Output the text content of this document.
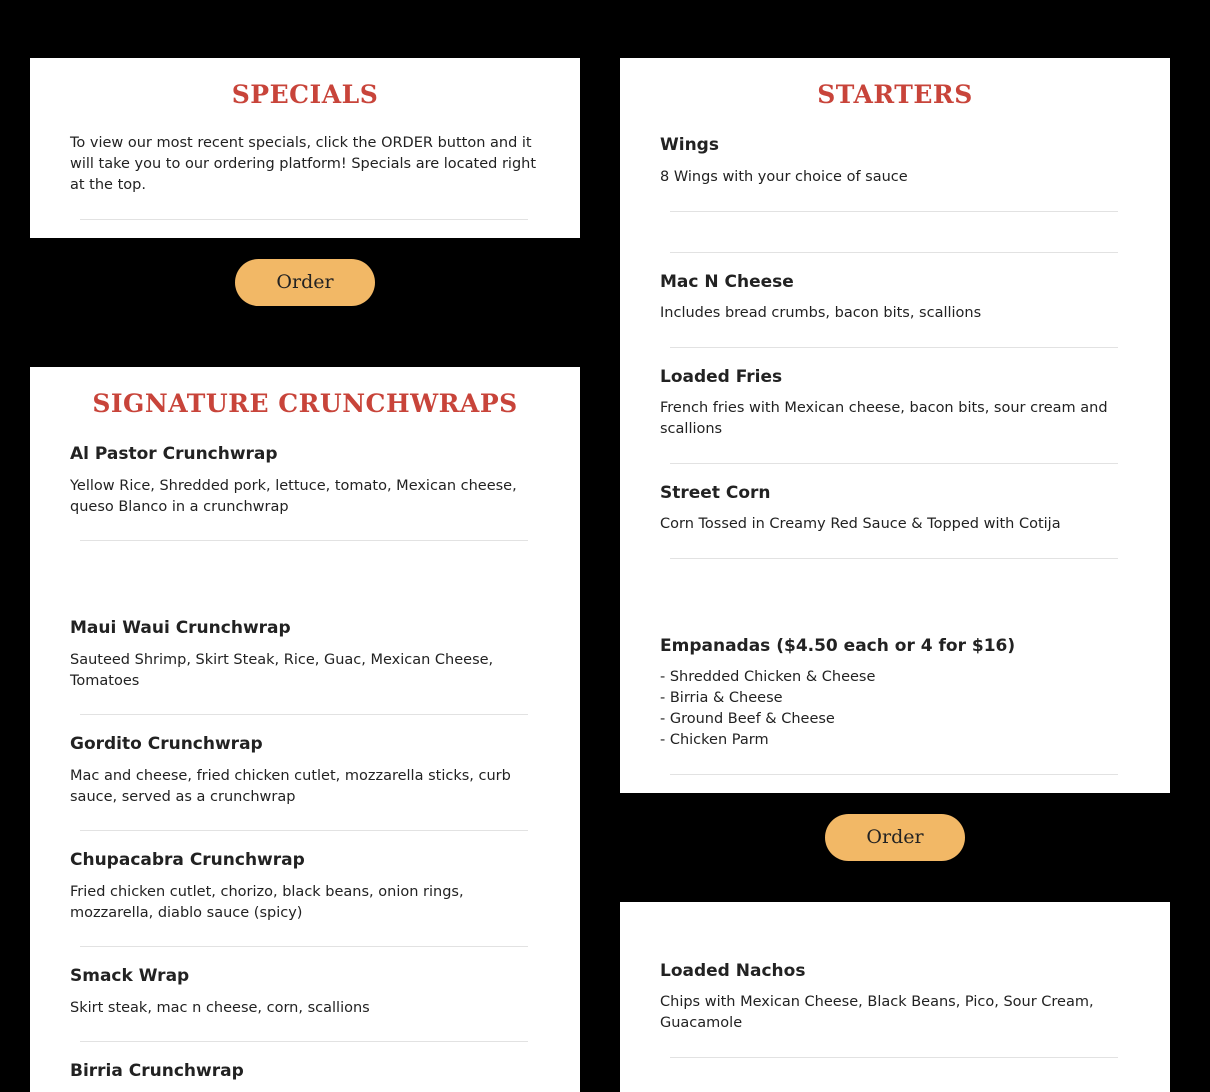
SPECIALS

To view our most recent specials, click the ORDER button and it will take you to our ordering platform! Specials are located right at the top.

Order
SIGNATURE CRUNCHWRAPS
Al Pastor Crunchwrap

Yellow Rice, Shredded pork, lettuce, tomato, Mexican cheese, queso Blanco in a crunchwrap

Maui Waui Crunchwrap

Sauteed Shrimp, Skirt Steak, Rice, Guac, Mexican Cheese, Tomatoes

Gordito Crunchwrap

Mac and cheese, fried chicken cutlet, mozzarella sticks, curb sauce, served as a crunchwrap

Chupacabra Crunchwrap

Fried chicken cutlet, chorizo, black beans, onion rings, mozzarella, diablo sauce (spicy)

Smack Wrap

Skirt steak, mac n cheese, corn, scallions

Birria Crunchwrap
STARTERS
Wings

8 Wings with your choice of sauce

Mac N Cheese

Includes bread crumbs, bacon bits, scallions

Loaded Fries

French fries with Mexican cheese, bacon bits, sour cream and scallions

Street Corn

Corn Tossed in Creamy Red Sauce & Topped with Cotija

Empanadas ($4.50 each or 4 for $16)

- Shredded Chicken & Cheese
- Birria & Cheese
- Ground Beef & Cheese
- Chicken Parm

Order
Loaded Nachos

Chips with Mexican Cheese, Black Beans, Pico, Sour Cream, Guacamole
